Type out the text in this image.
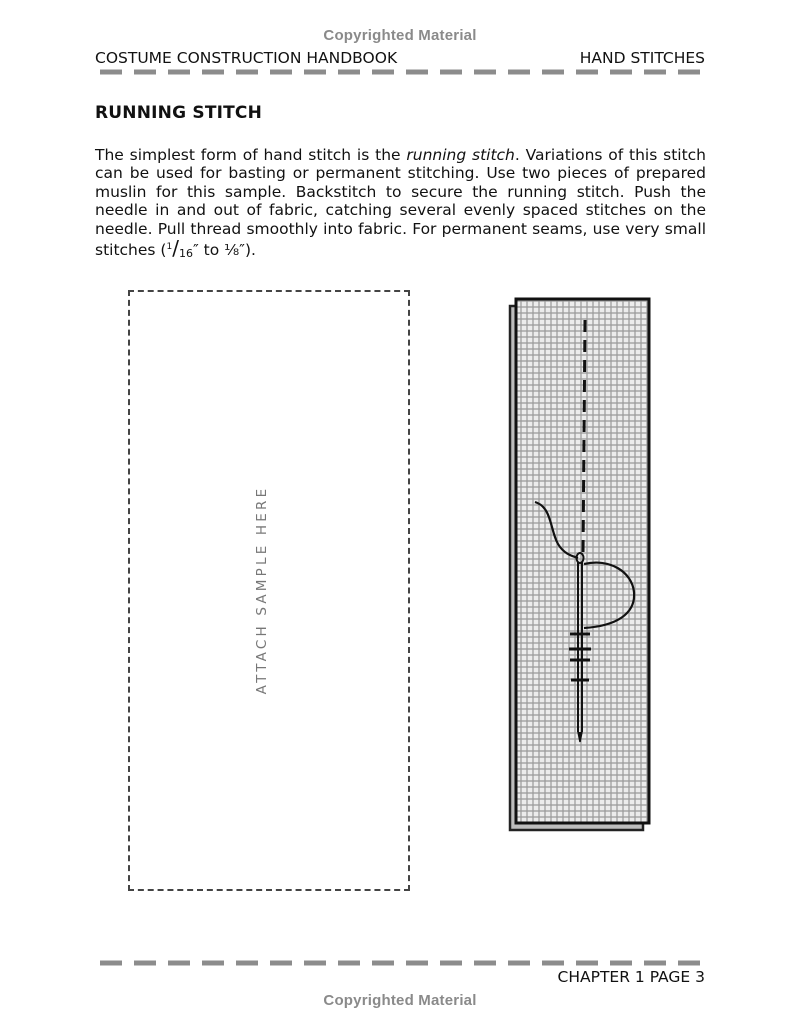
Copyrighted Material
COSTUME CONSTRUCTION HANDBOOK	HAND STITCHES
RUNNING STITCH
The simplest form of hand stitch is the running stitch. Variations of this stitch can be used for basting or permanent stitching. Use two pieces of prepared muslin for this sample. Backstitch to secure the running stitch. Push the needle in and out of fabric, catching several evenly spaced stitches on the needle. Pull thread smoothly into fabric. For permanent seams, use very small stitches ($^1/_{16}''$ to ⅛″).
ATTACH SAMPLE HERE
CHAPTER 1 PAGE 3
Copyrighted Material
